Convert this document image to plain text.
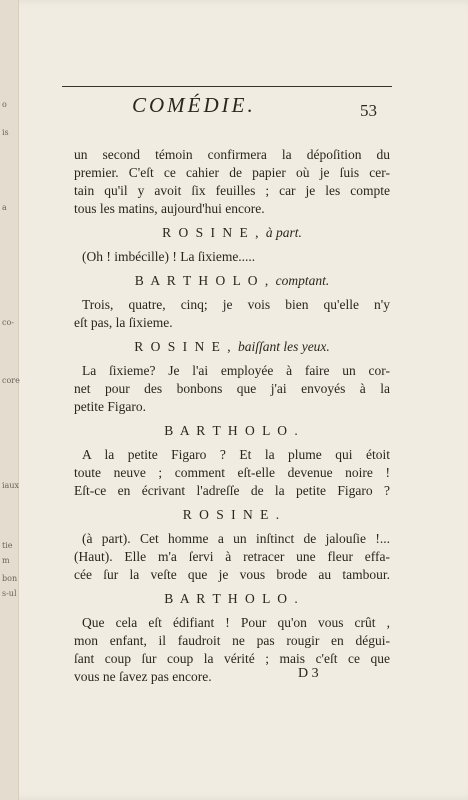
o
is
a
co-
core
iaux
tie
m
bon
s-ul
COMÉDIE.	53
un second témoin confirmera la dépoſition du
premier. C'eſt ce cahier de papier où je ſuis cer-
tain qu'il y avoit ſix feuilles ; car je les compte
tous les matins, aujourd'hui encore.
R O S I N E , à part.
(Oh ! imbécille) ! La ſixieme.....
B A R T H O L O , comptant.
Trois, quatre, cinq; je vois bien qu'elle n'y
eſt pas, la ſixieme.
R O S I N E , baiſſant les yeux.
La ſixieme? Je l'ai employée à faire un cor-
net pour des bonbons que j'ai envoyés à la
petite Figaro.
B A R T H O L O .
A la petite Figaro ? Et la plume qui étoit
toute neuve ; comment eſt-elle devenue noire !
Eſt-ce en écrivant l'adreſſe de la petite Figaro ?
R O S I N E .
(à part). Cet homme a un inſtinct de jalouſie !...
(Haut). Elle m'a ſervi à retracer une fleur effa-
cée ſur la veſte que je vous brode au tambour.
B A R T H O L O .
Que cela eſt édifiant ! Pour qu'on vous crût ,
mon enfant, il faudroit ne pas rougir en dégui-
ſant coup ſur coup la vérité ; mais c'eſt ce que
vous ne ſavez pas encore.	D 3
